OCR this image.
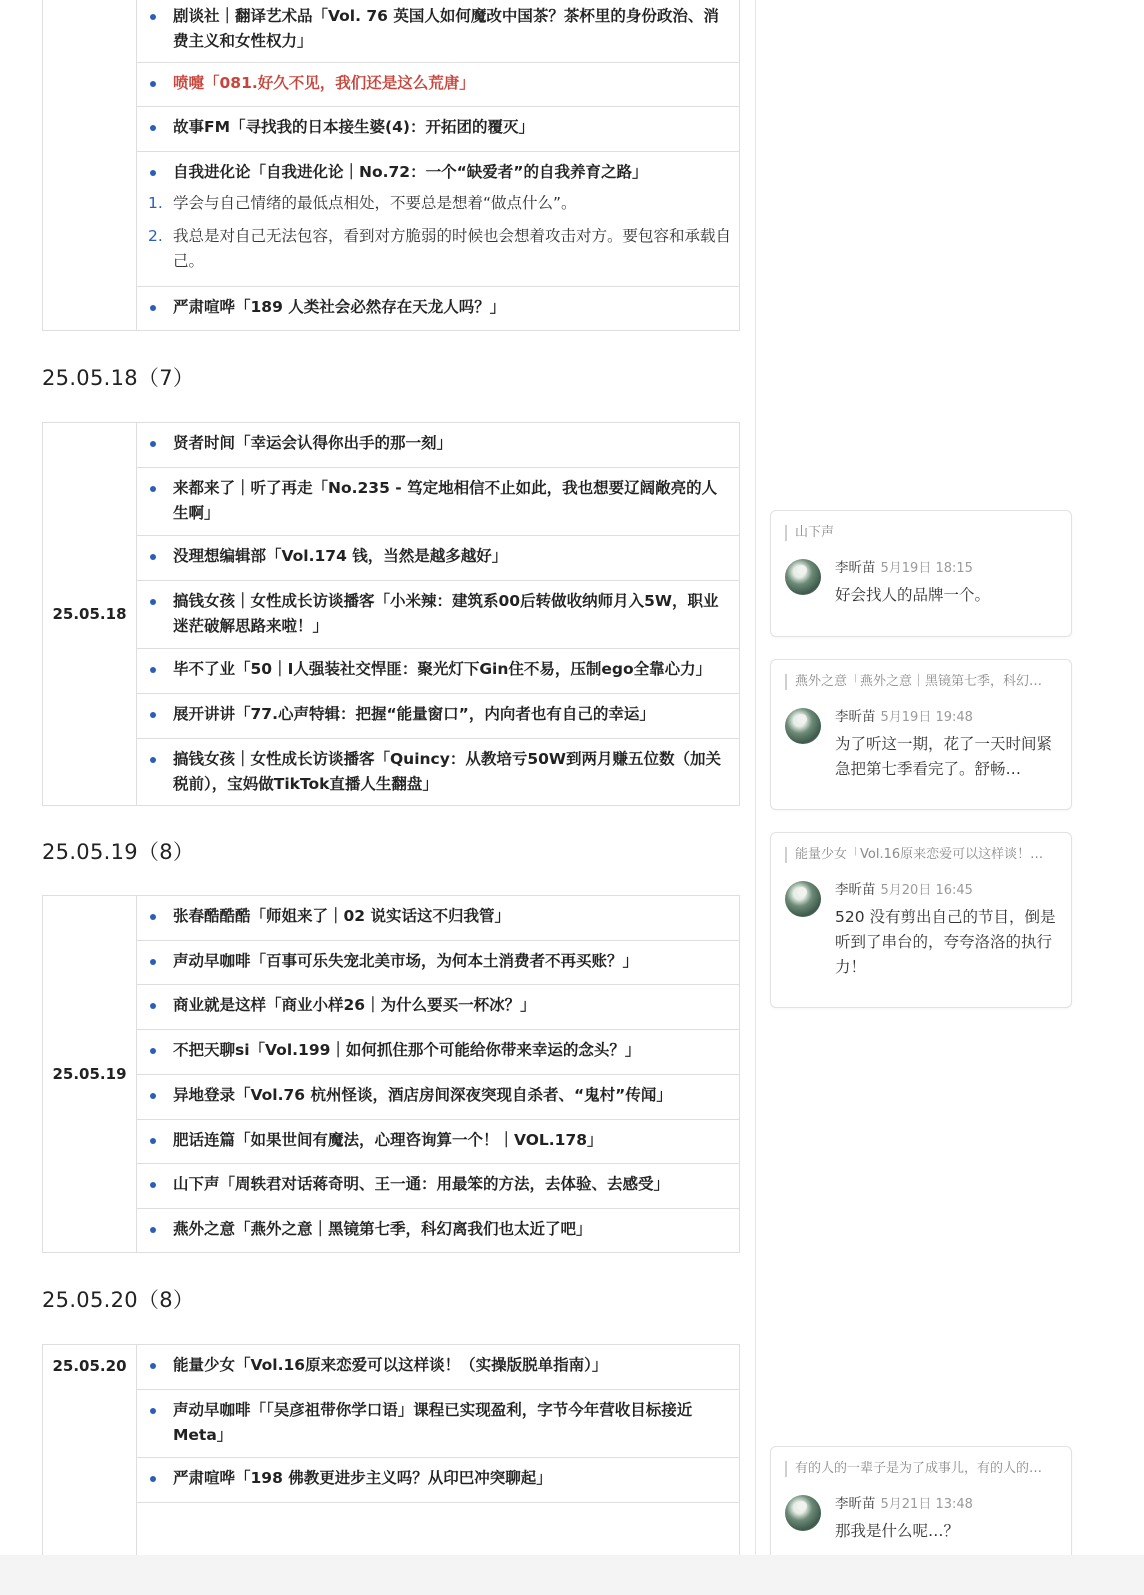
剧谈社｜翻译艺术品「Vol. 76 英国人如何魔改中国茶？茶杯里的身份政治、消费主义和女性权力」
喷嚏「081.好久不见，我们还是这么荒唐」
故事FM「寻找我的日本接生婆(4)：开拓团的覆灭」
自我进化论「自我进化论｜No.72：一个“缺爱者”的自我养育之路」
1. 学会与自己情绪的最低点相处，不要总是想着“做点什么”。
2. 我总是对自己无法包容，看到对方脆弱的时候也会想着攻击对方。要包容和承载自己。
严肃喧哗「189 人类社会必然存在天龙人吗？」
25.05.18（7）
25.05.18
贤者时间「幸运会认得你出手的那一刻」
来都来了｜听了再走「No.235 - 笃定地相信不止如此，我也想要辽阔敞亮的人生啊」
没理想编辑部「Vol.174 钱，当然是越多越好」
搞钱女孩｜女性成长访谈播客「小米辣：建筑系00后转做收纳师月入5W，职业迷茫破解思路来啦！」
毕不了业「50｜I人强装社交悍匪：聚光灯下Gin住不易，压制ego全靠心力」
展开讲讲「77.心声特辑：把握“能量窗口”，内向者也有自己的幸运」
搞钱女孩｜女性成长访谈播客「Quincy：从教培亏50W到两月赚五位数（加关税前），宝妈做TikTok直播人生翻盘」
25.05.19（8）
25.05.19
张春酷酷酷「师姐来了｜02 说实话这不归我管」
声动早咖啡「百事可乐失宠北美市场，为何本土消费者不再买账？」
商业就是这样「商业小样26｜为什么要买一杯冰？」
不把天聊si「Vol.199｜如何抓住那个可能给你带来幸运的念头？」
异地登录「Vol.76 杭州怪谈，酒店房间深夜突现自杀者、“鬼村”传闻」
肥话连篇「如果世间有魔法，心理咨询算一个！｜VOL.178」
山下声「周轶君对话蒋奇明、王一通：用最笨的方法，去体验、去感受」
燕外之意「燕外之意｜黑镜第七季，科幻离我们也太近了吧」
25.05.20（8）
25.05.20	能量少女「Vol.16原来恋爱可以这样谈！（实操版脱单指南）」
声动早咖啡「「吴彦祖带你学口语」课程已实现盈利，字节今年营收目标接近Meta」
严肃喧哗「198 佛教更进步主义吗？从印巴冲突聊起」
山下声
李昕苗 5月19日 18:15
好会找人的品牌一个。
燕外之意「燕外之意｜黑镜第七季，科幻…
李昕苗 5月19日 19:48
为了听这一期，花了一天时间紧急把第七季看完了。舒畅…
能量少女「Vol.16原来恋爱可以这样谈！…
李昕苗 5月20日 16:45
520 没有剪出自己的节目，倒是听到了串台的，夸夸洛洛的执行力！
有的人的一辈子是为了成事儿，有的人的…
李昕苗 5月21日 13:48
那我是什么呢…？
